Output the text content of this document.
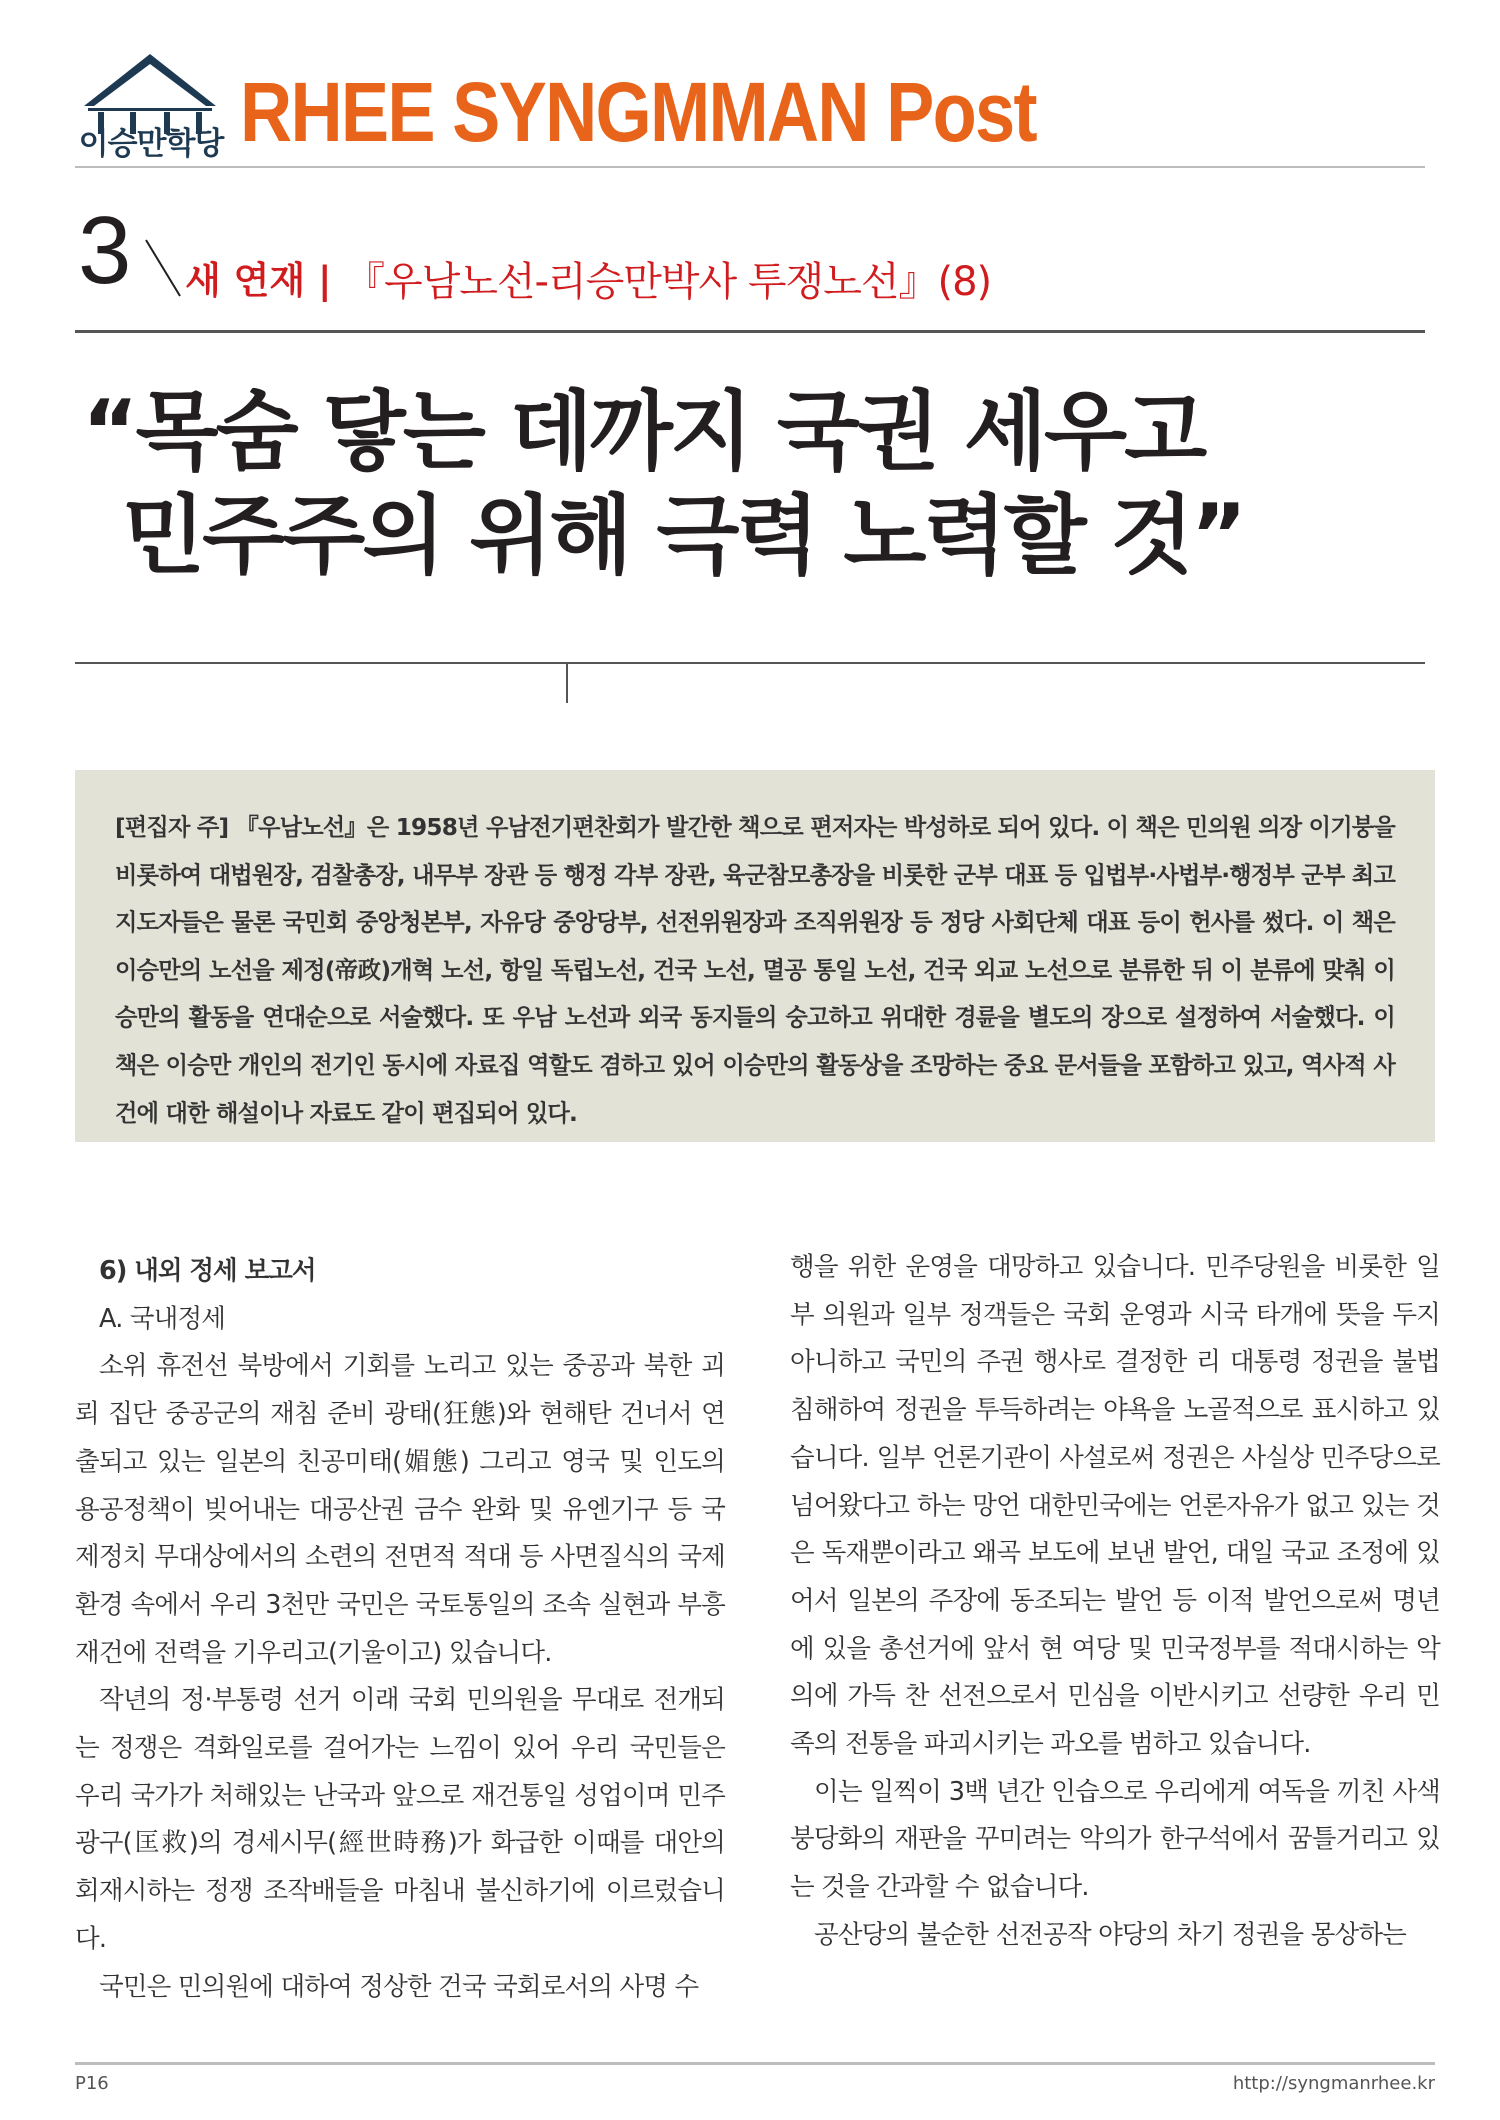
이승만학당 RHEE SYNGMMAN Post
3 새 연재 | 『우남노선-리승만박사 투쟁노선』(8)
“목숨 닿는 데까지 국권 세우고
민주주의 위해 극력 노력할 것”
[편집자 주] 『우남노선』은 1958년 우남전기편찬회가 발간한 책으로 편저자는 박성하로 되어 있다. 이 책은 민의원 의장 이기붕을 비롯하여 대법원장, 검찰총장, 내무부 장관 등 행정 각부 장관, 육군참모총장을 비롯한 군부 대표 등 입법부·사법부·행정부 군부 최고 지도자들은 물론 국민회 중앙청본부, 자유당 중앙당부, 선전위원장과 조직위원장 등 정당 사회단체 대표 등이 헌사를 썼다. 이 책은 이승만의 노선을 제정(帝政)개혁 노선, 항일 독립노선, 건국 노선, 멸공 통일 노선, 건국 외교 노선으로 분류한 뒤 이 분류에 맞춰 이승만의 활동을 연대순으로 서술했다. 또 우남 노선과 외국 동지들의 숭고하고 위대한 경륜을 별도의 장으로 설정하여 서술했다. 이 책은 이승만 개인의 전기인 동시에 자료집 역할도 겸하고 있어 이승만의 활동상을 조망하는 중요 문서들을 포함하고 있고, 역사적 사건에 대한 해설이나 자료도 같이 편집되어 있다.

6) 내외 정세 보고서

A. 국내정세

소위 휴전선 북방에서 기회를 노리고 있는 중공과 북한 괴뢰 집단 중공군의 재침 준비 광태(狂態)와 현해탄 건너서 연출되고 있는 일본의 친공미태(媚態) 그리고 영국 및 인도의 용공정책이 빚어내는 대공산권 금수 완화 및 유엔기구 등 국제정치 무대상에서의 소련의 전면적 적대 등 사면질식의 국제환경 속에서 우리 3천만 국민은 국토통일의 조속 실현과 부흥 재건에 전력을 기우리고(기울이고) 있습니다.

작년의 정·부통령 선거 이래 국회 민의원을 무대로 전개되는 정쟁은 격화일로를 걸어가는 느낌이 있어 우리 국민들은 우리 국가가 처해있는 난국과 앞으로 재건통일 성업이며 민주광구(匡救)의 경세시무(經世時務)가 화급한 이때를 대안의 회재시하는 정쟁 조작배들을 마침내 불신하기에 이르렀습니다.

국민은 민의원에 대하여 정상한 건국 국회로서의 사명 수

행을 위한 운영을 대망하고 있습니다. 민주당원을 비롯한 일부 의원과 일부 정객들은 국회 운영과 시국 타개에 뜻을 두지 아니하고 국민의 주권 행사로 결정한 리 대통령 정권을 불법 침해하여 정권을 투득하려는 야욕을 노골적으로 표시하고 있습니다. 일부 언론기관이 사설로써 정권은 사실상 민주당으로 넘어왔다고 하는 망언 대한민국에는 언론자유가 없고 있는 것은 독재뿐이라고 왜곡 보도에 보낸 발언, 대일 국교 조정에 있어서 일본의 주장에 동조되는 발언 등 이적 발언으로써 명년에 있을 총선거에 앞서 현 여당 및 민국정부를 적대시하는 악의에 가득 찬 선전으로서 민심을 이반시키고 선량한 우리 민족의 전통을 파괴시키는 과오를 범하고 있습니다.

이는 일찍이 3백 년간 인습으로 우리에게 여독을 끼친 사색 붕당화의 재판을 꾸미려는 악의가 한구석에서 꿈틀거리고 있는 것을 간과할 수 없습니다.

공산당의 불순한 선전공작 야당의 차기 정권을 몽상하는

P16	http://syngmanrhee.kr
